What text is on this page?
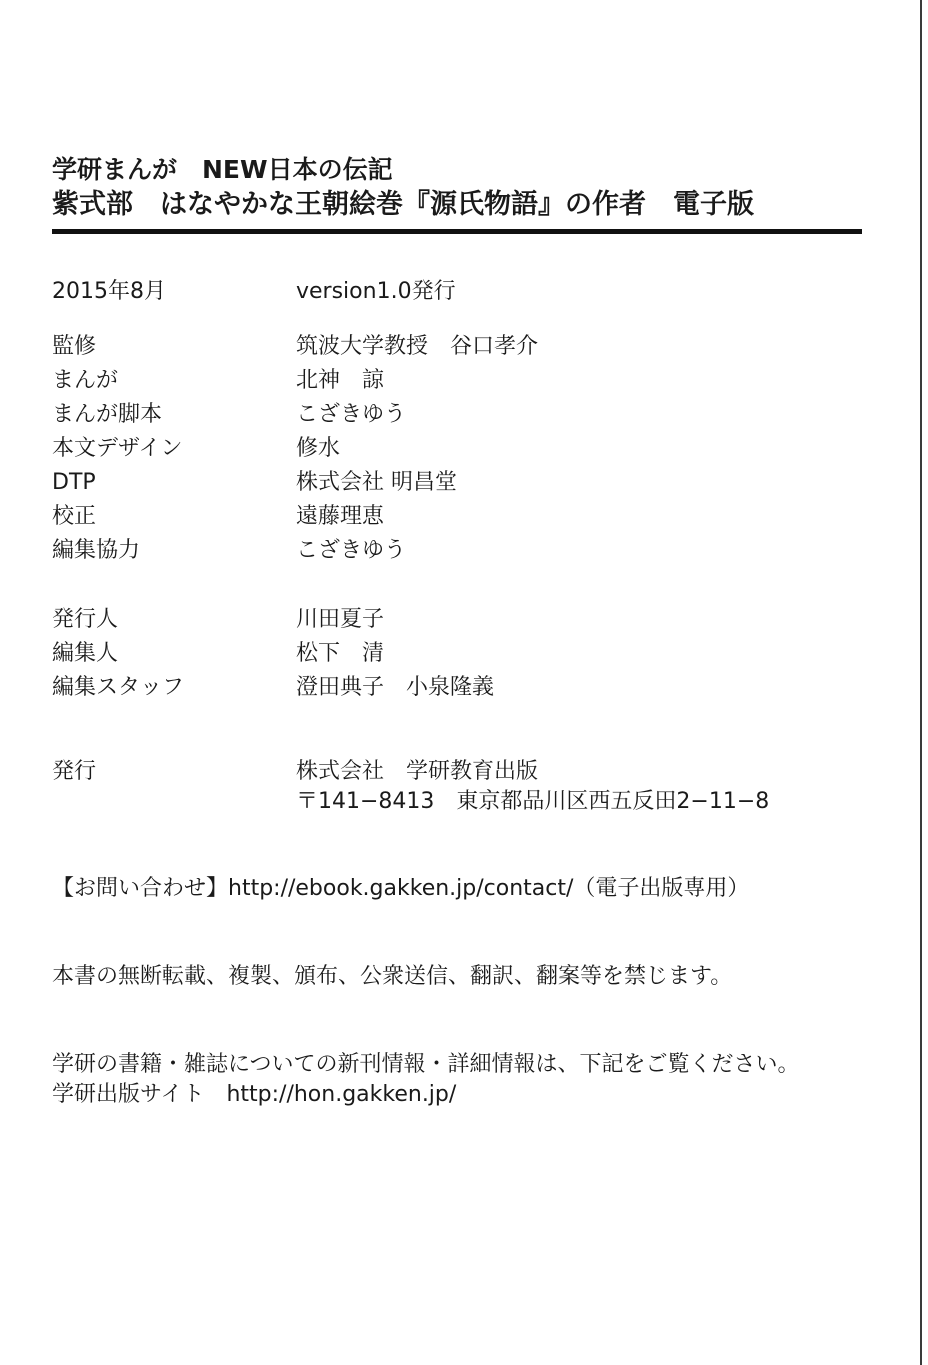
学研まんが　NEW日本の伝記
紫式部　はなやかな王朝絵巻『源氏物語』の作者　電子版
2015年8月	version1.0発行
監修	筑波大学教授　谷口孝介
まんが	北神　諒
まんが脚本	こざきゆう
本文デザイン	修水
DTP	株式会社 明昌堂
校正	遠藤理恵
編集協力	こざきゆう
発行人	川田夏子
編集人	松下　清
編集スタッフ	澄田典子　小泉隆義
発行	株式会社　学研教育出版
〒141−8413　東京都品川区西五反田2−11−8
【お問い合わせ】http://ebook.gakken.jp/contact/（電子出版専用）
本書の無断転載、複製、頒布、公衆送信、翻訳、翻案等を禁じます。
学研の書籍・雑誌についての新刊情報・詳細情報は、下記をご覧ください。
学研出版サイト　http://hon.gakken.jp/
